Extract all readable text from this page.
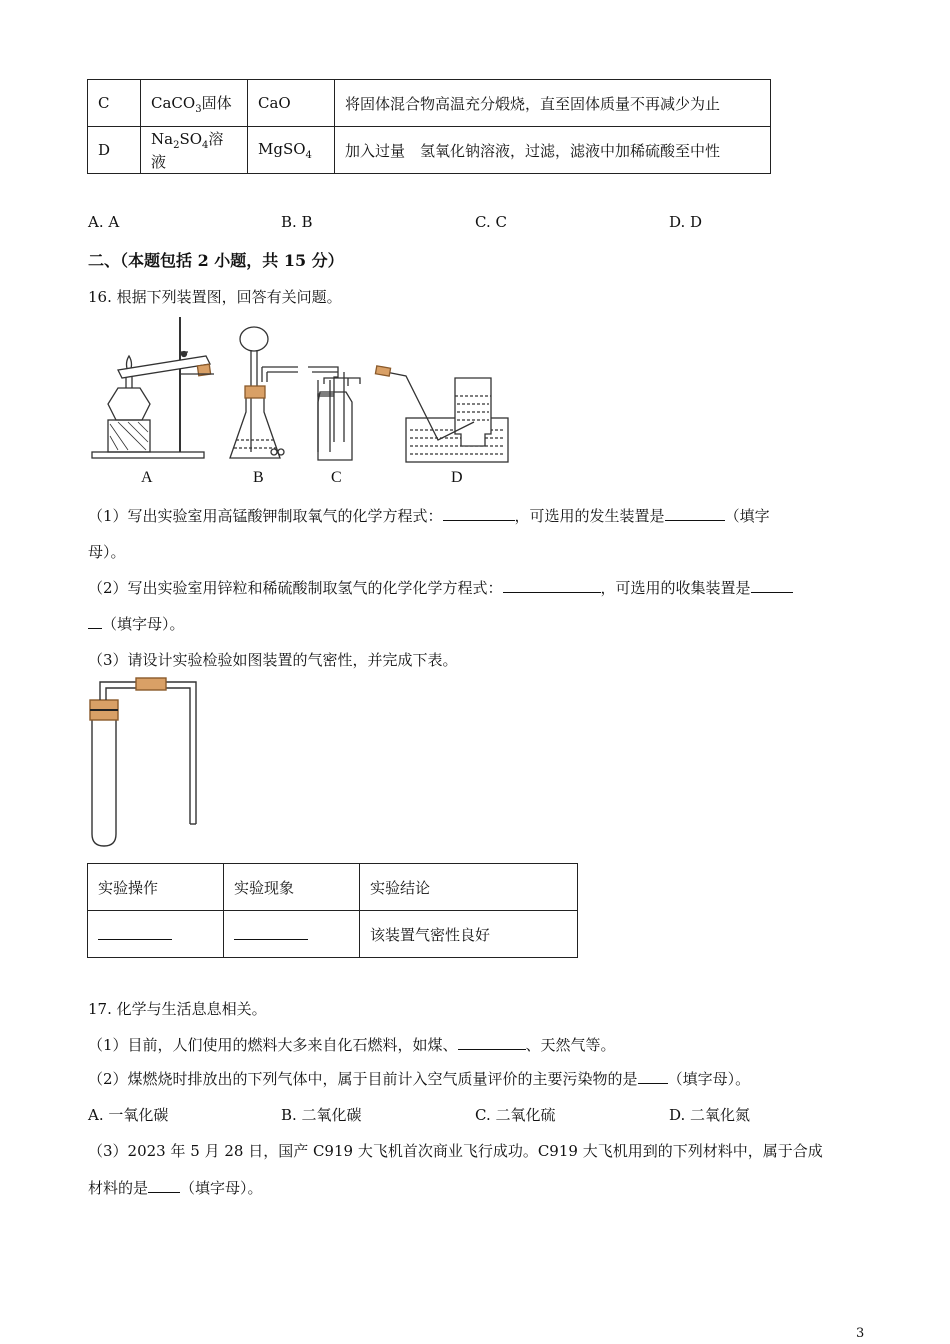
C	CaCO$_3$固体	CaO	将固体混合物高温充分煅烧，直至固体质量不再减少为止
D	$Na_2SO_4$溶液	MgSO$_4$	加入过量　氢氧化钠溶液，过滤，滤液中加稀硫酸至中性
A. A	B. B	C. C	D. D
二、（本题包括 2 小题，共 15 分）
16. 根据下列装置图，回答有关问题。
A	B	C	D
（1）写出实验室用高锰酸钾制取氧气的化学方程式：	，可选用的发生装置是	（填字
母）。
（2）写出实验室用锌粒和稀硫酸制取氢气的化学化学方程式：	，可选用的收集装置是
（填字母）。
（3）请设计实验检验如图装置的气密性，并完成下表。
实验操作	实验现象	实验结论
		该装置气密性良好
17. 化学与生活息息相关。
（1）目前，人们使用的燃料大多来自化石燃料，如煤、	、天然气等。
（2）煤燃烧时排放出的下列气体中，属于目前计入空气质量评价的主要污染物的是 （填字母）。
A. 一氧化碳	B. 二氧化碳	C. 二氧化硫	D. 二氧化氮
（3）2023 年 5 月 28 日，国产 C919 大飞机首次商业飞行成功。C919 大飞机用到的下列材料中，属于合成
材料的是 （填字母）。
3
